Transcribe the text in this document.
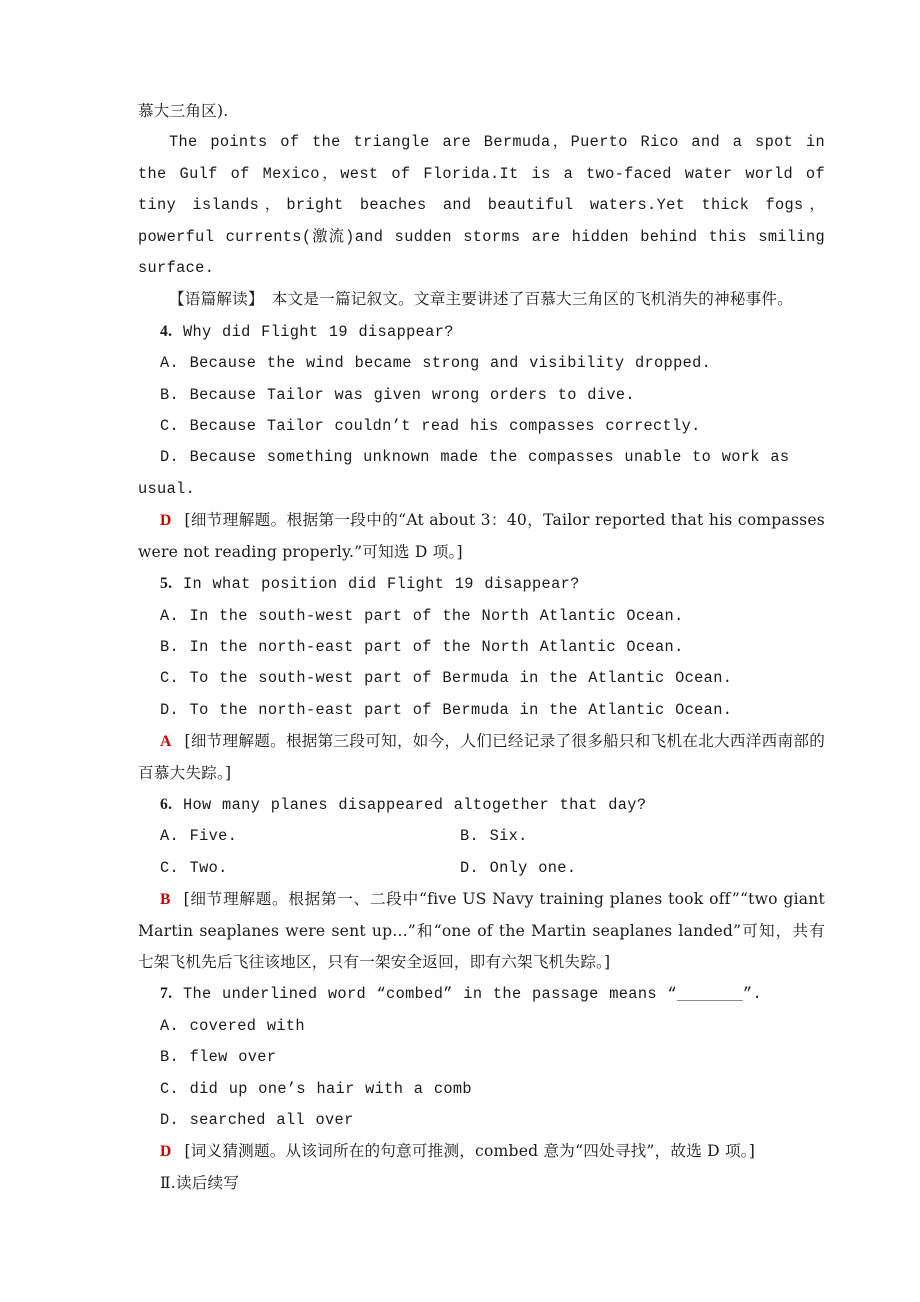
慕大三角区).
The points of the triangle are Bermuda，Puerto Rico and a spot in the Gulf of Mexico，west of Florida.It is a two-faced water world of tiny islands，bright beaches and beautiful waters.Yet thick fogs，powerful currents(激流)and sudden storms are hidden behind this smiling surface.
【语篇解读】　 本文是一篇记叙文。文章主要讲述了百慕大三角区的飞机消失的神秘事件。
4. Why did Flight 19 disappear?
A. Because the wind became strong and visibility dropped.
B. Because Tailor was given wrong orders to dive.
C. Because Tailor couldn’t read his compasses correctly.
D. Because something unknown made the compasses unable to work as usual.
D [细节理解题。根据第一段中的“At about 3：40，Tailor reported that his compasses were not reading properly.”可知选 D 项。]
5. In what position did Flight 19 disappear?
A. In the south-west part of the North Atlantic Ocean.
B. In the north-east part of the North Atlantic Ocean.
C. To the south-west part of Bermuda in the Atlantic Ocean.
D. To the north-east part of Bermuda in the Atlantic Ocean.
A [细节理解题。根据第三段可知，如今，人们已经记录了很多船只和飞机在北大西洋西南部的百慕大失踪。]
6. How many planes disappeared altogether that day?
A. Five.	B. Six.
C. Two.	D. Only one.
B [细节理解题。根据第一、二段中“five US Navy training planes took off”“two giant Martin seaplanes were sent up...”和“one of the Martin seaplanes landed”可知，共有七架飞机先后飞往该地区，只有一架安全返回，即有六架飞机失踪。]
7. The underlined word “combed” in the passage means “	”.
A. covered with
B. flew over
C. did up one’s hair with a comb
D. searched all over
D [词义猜测题。从该词所在的句意可推测，combed 意为“四处寻找”，故选 D 项。]
Ⅱ.读后续写
